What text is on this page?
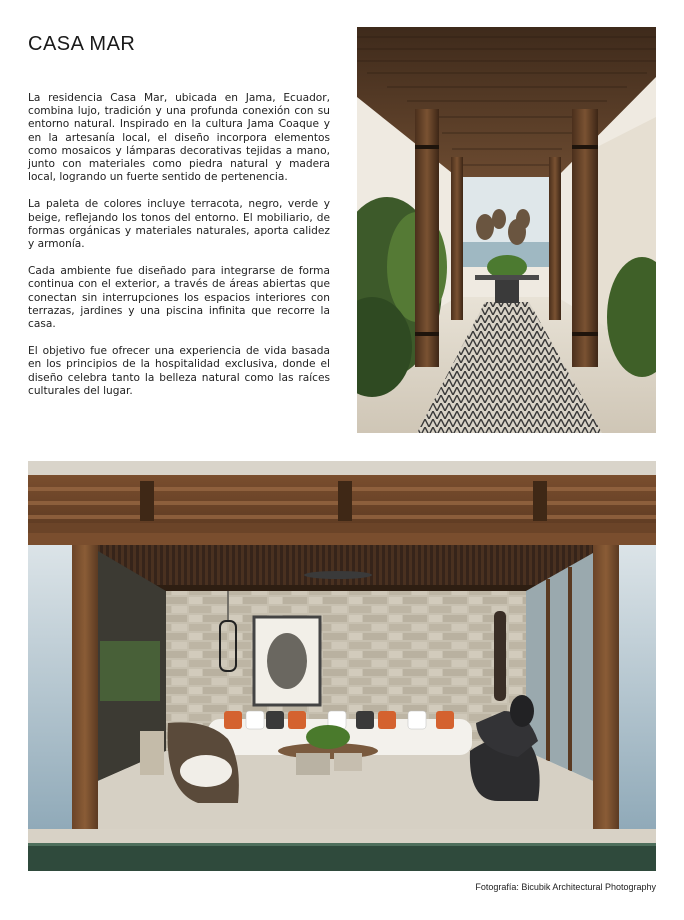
CASA MAR

La residencia Casa Mar, ubicada en Jama, Ecuador, combina lujo, tradición y una profunda conexión con su entorno natural. Inspirado en la cultura Jama Coaque y en la artesanía local, el diseño incorpora elementos como mosaicos y lámparas decorativas tejidas a mano, junto con materiales como piedra natural y madera local, logrando un fuerte sentido de pertenencia.

La paleta de colores incluye terracota, negro, verde y beige, reflejando los tonos del entorno. El mobiliario, de formas orgánicas y materiales naturales, aporta calidez y armonía.

Cada ambiente fue diseñado para integrarse de forma continua con el exterior, a través de áreas abiertas que conectan sin interrupciones los espacios interiores con terrazas, jardines y una piscina infinita que recorre la casa.

El objetivo fue ofrecer una experiencia de vida basada en los principios de la hospitalidad exclusiva, donde el diseño celebra tanto la belleza natural como las raíces culturales del lugar.

Fotografía: Bicubik Architectural Photography
